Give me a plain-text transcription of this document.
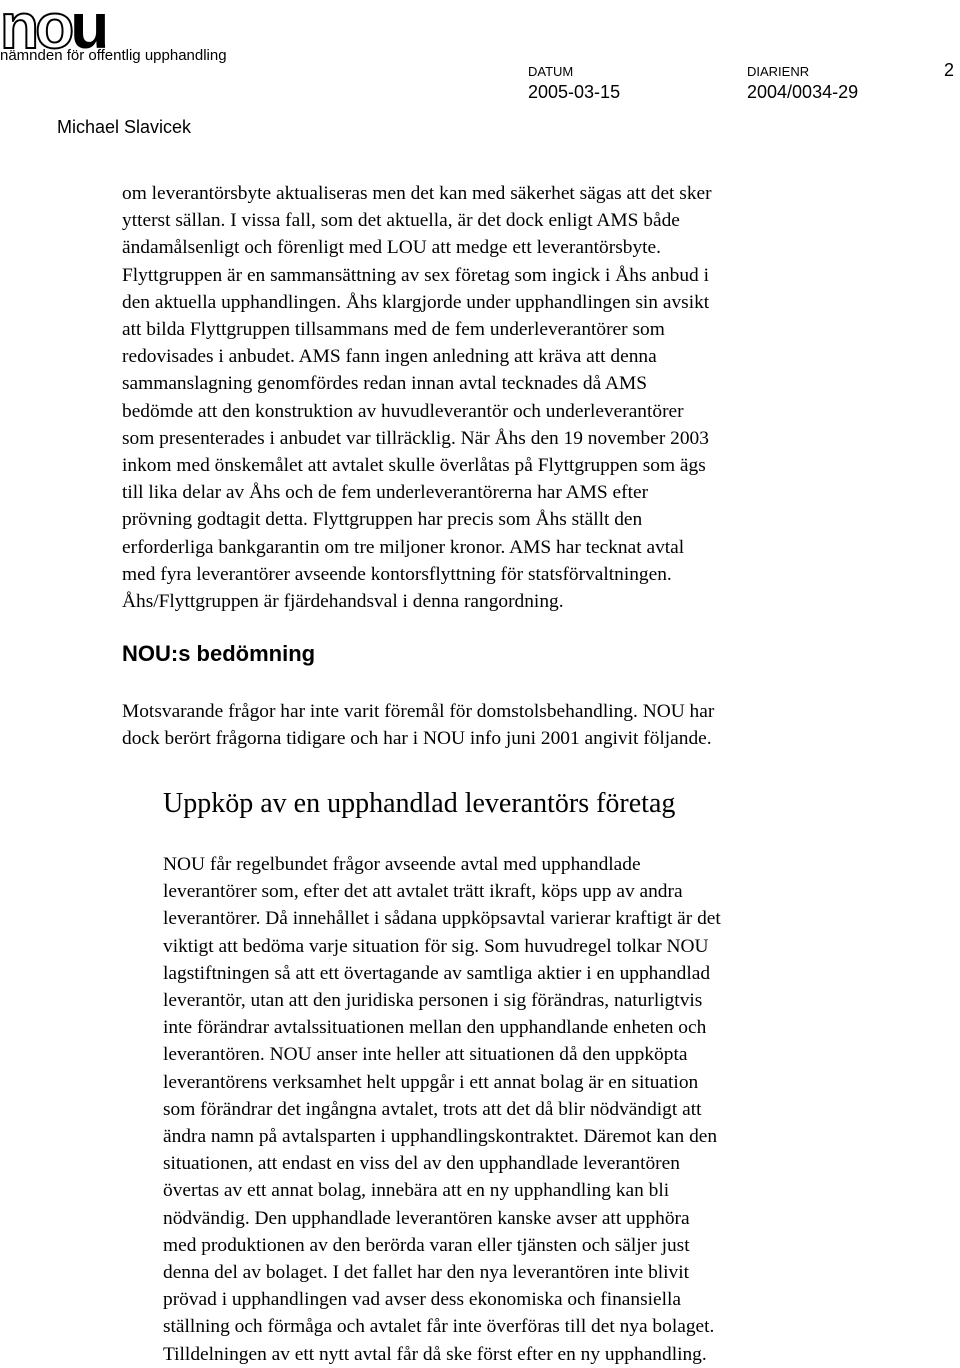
nou
nämnden för offentlig upphandling
DATUM
2005-03-15
DIARIENR
2004/0034-29
2
Michael Slavicek

om leverantörsbyte aktualiseras men det kan med säkerhet sägas att det sker
ytterst sällan. I vissa fall, som det aktuella, är det dock enligt AMS både
ändamålsenligt och förenligt med LOU att medge ett leverantörsbyte.
Flyttgruppen är en sammansättning av sex företag som ingick i Åhs anbud i
den aktuella upphandlingen. Åhs klargjorde under upphandlingen sin avsikt
att bilda Flyttgruppen tillsammans med de fem underleverantörer som
redovisades i anbudet. AMS fann ingen anledning att kräva att denna
sammanslagning genomfördes redan innan avtal tecknades då AMS
bedömde att den konstruktion av huvudleverantör och underleverantörer
som presenterades i anbudet var tillräcklig. När Åhs den 19 november 2003
inkom med önskemålet att avtalet skulle överlåtas på Flyttgruppen som ägs
till lika delar av Åhs och de fem underleverantörerna har AMS efter
prövning godtagit detta. Flyttgruppen har precis som Åhs ställt den
erforderliga bankgarantin om tre miljoner kronor. AMS har tecknat avtal
med fyra leverantörer avseende kontorsflyttning för statsförvaltningen.
Åhs/Flyttgruppen är fjärdehandsval i denna rangordning.

NOU:s bedömning

Motsvarande frågor har inte varit föremål för domstolsbehandling. NOU har
dock berört frågorna tidigare och har i NOU info juni 2001 angivit följande.

Uppköp av en upphandlad leverantörs företag

NOU får regelbundet frågor avseende avtal med upphandlade
leverantörer som, efter det att avtalet trätt ikraft, köps upp av andra
leverantörer. Då innehållet i sådana uppköpsavtal varierar kraftigt är det
viktigt att bedöma varje situation för sig. Som huvudregel tolkar NOU
lagstiftningen så att ett övertagande av samtliga aktier i en upphandlad
leverantör, utan att den juridiska personen i sig förändras, naturligtvis
inte förändrar avtalssituationen mellan den upphandlande enheten och
leverantören. NOU anser inte heller att situationen då den uppköpta
leverantörens verksamhet helt uppgår i ett annat bolag är en situation
som förändrar det ingångna avtalet, trots att det då blir nödvändigt att
ändra namn på avtalsparten i upphandlingskontraktet. Däremot kan den
situationen, att endast en viss del av den upphandlade leverantören
övertas av ett annat bolag, innebära att en ny upphandling kan bli
nödvändig. Den upphandlade leverantören kanske avser att upphöra
med produktionen av den berörda varan eller tjänsten och säljer just
denna del av bolaget. I det fallet har den nya leverantören inte blivit
prövad i upphandlingen vad avser dess ekonomiska och finansiella
ställning och förmåga och avtalet får inte överföras till det nya bolaget.
Tilldelningen av ett nytt avtal får då ske först efter en ny upphandling.
